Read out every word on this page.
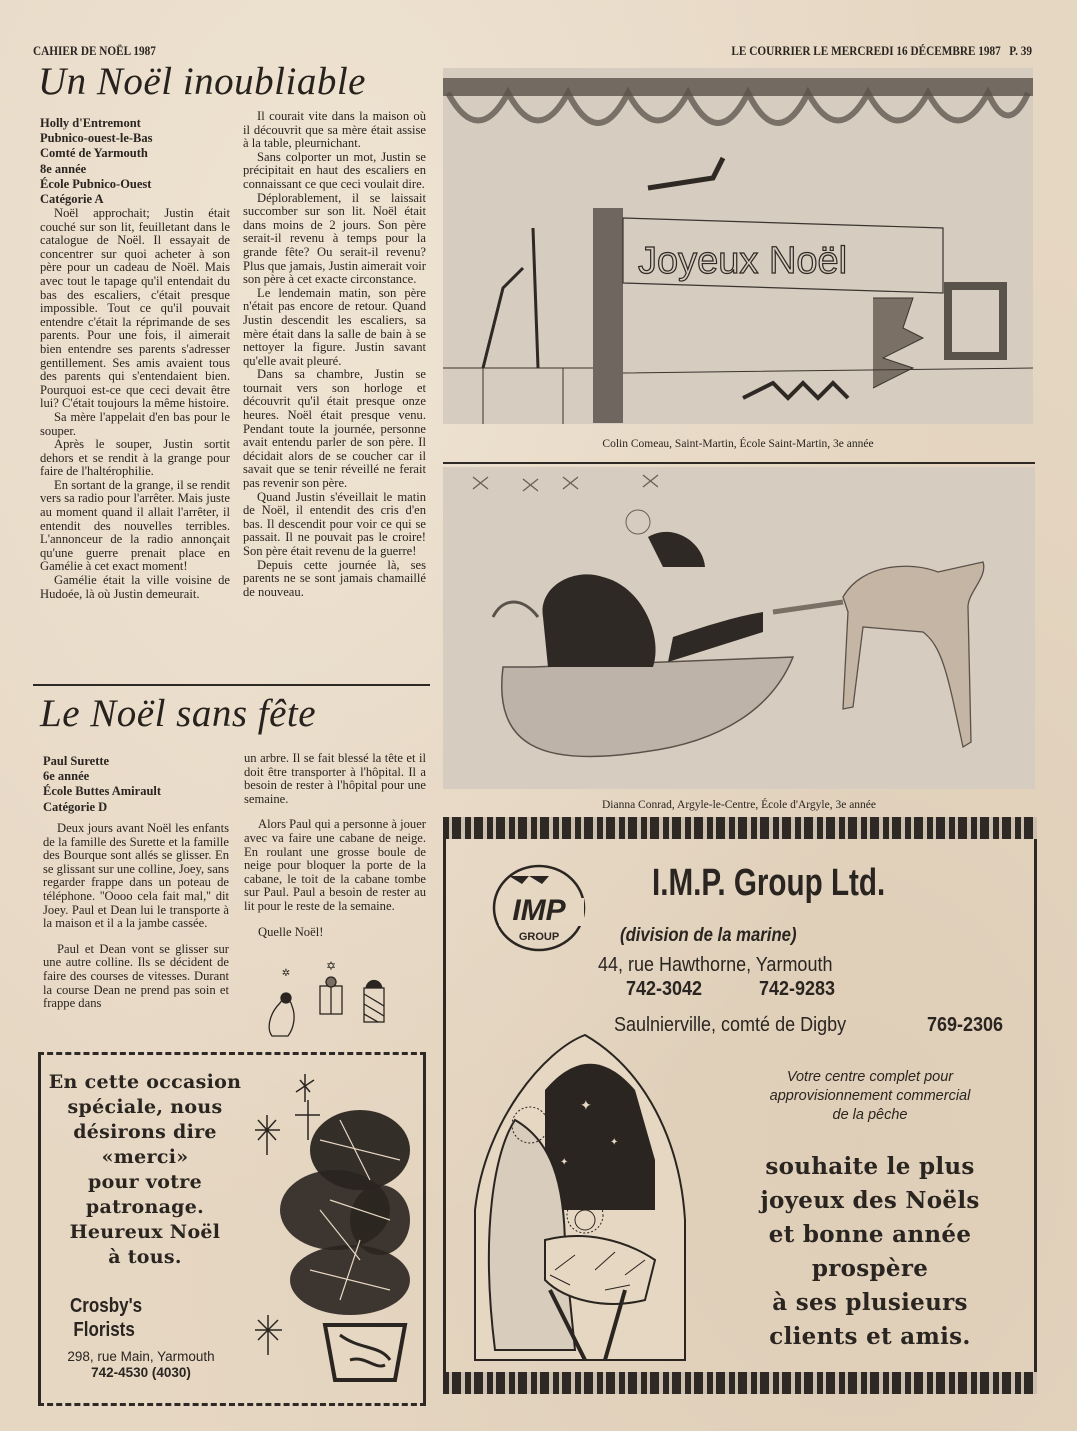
CAHIER DE NOËL 1987	LE COURRIER LE MERCREDI 16 DÉCEMBRE 1987   P. 39
Un Noël inoubliable
Holly d'Entremont
Pubnico-ouest-le-Bas
Comté de Yarmouth
8e année
École Pubnico-Ouest
Catégorie A

Noël approchait; Justin était couché sur son lit, feuilletant dans le catalogue de Noël. Il essayait de concentrer sur quoi acheter à son père pour un cadeau de Noël. Mais avec tout le tapage qu'il entendait du bas des escaliers, c'était presque impossible. Tout ce qu'il pouvait entendre c'était la réprimande de ses parents. Pour une fois, il aimerait bien entendre ses parents s'adresser gentillement. Ses amis avaient tous des parents qui s'entendaient bien. Pourquoi est-ce que ceci devait être lui? C'était toujours la même histoire.

Sa mère l'appelait d'en bas pour le souper.

Après le souper, Justin sortit dehors et se rendit à la grange pour faire de l'haltérophilie.

En sortant de la grange, il se rendit vers sa radio pour l'arrêter. Mais juste au moment quand il allait l'arrêter, il entendit des nouvelles terribles. L'annonceur de la radio annonçait qu'une guerre prenait place en Gamélie à cet exact moment!

Gamélie était la ville voisine de Hudoée, là où Justin demeurait.

Il courait vite dans la maison où il découvrit que sa mère était assise à la table, pleurnichant.

Sans colporter un mot, Justin se précipitait en haut des escaliers en connaissant ce que ceci voulait dire.

Déplorablement, il se laissait succomber sur son lit. Noël était dans moins de 2 jours. Son père serait-il revenu à temps pour la grande fête? Ou serait-il revenu? Plus que jamais, Justin aimerait voir son père à cet exacte circonstance.

Le lendemain matin, son père n'était pas encore de retour. Quand Justin descendit les escaliers, sa mère était dans la salle de bain à se nettoyer la figure. Justin savant qu'elle avait pleuré.

Dans sa chambre, Justin se tournait vers son horloge et découvrit qu'il était presque onze heures. Noël était presque venu. Pendant toute la journée, personne avait entendu parler de son père. Il décidait alors de se coucher car il savait que se tenir réveillé ne ferait pas revenir son père.

Quand Justin s'éveillait le matin de Noël, il entendit des cris d'en bas. Il descendit pour voir ce qui se passait. Il ne pouvait pas le croire! Son père était revenu de la guerre!

Depuis cette journée là, ses parents ne se sont jamais chamaillé de nouveau.

Le Noël sans fête
Paul Surette
6e année
École Buttes Amirault
Catégorie D

Deux jours avant Noël les enfants de la famille des Surette et la famille des Bourque sont allés se glisser. En se glissant sur une colline, Joey, sans regarder frappe dans un poteau de téléphone. ''Oooo cela fait mal,'' dit Joey. Paul et Dean lui le transporte à la maison et il a la jambe cassée.

Paul et Dean vont se glisser sur une autre colline. Ils se décident de faire des courses de vitesses. Durant la course Dean ne prend pas soin et frappe dans

un arbre. Il se fait blessé la tête et il doit être transporter à l'hôpital. Il a besoin de rester à l'hôpital pour une semaine.

Alors Paul qui a personne à jouer avec va faire une cabane de neige. En roulant une grosse boule de neige pour bloquer la porte de la cabane, le toit de la cabane tombe sur Paul. Paul a besoin de rester au lit pour le reste de la semaine.

Quelle Noël!

✲
✡
En cette occasion
spéciale, nous
désirons dire
«merci»
pour votre
patronage.
Heureux Noël
à tous.
Crosby's
Florists
298, rue Main, Yarmouth
742-4530 (4030)
Joyeux Noël
Colin Comeau, Saint-Martin, École Saint-Martin, 3e année
Dianna Conrad, Argyle-le-Centre, École d'Argyle, 3e année
IMP
GROUP
I.M.P. Group Ltd.
(division de la marine)
44, rue Hawthorne, Yarmouth
742-3042	742-9283
Saulnierville, comté de Digby	769-2306
Votre centre complet pour
approvisionnement commercial
de la pêche
souhaite le plus
joyeux des Noëls
et bonne année
prospère
à ses plusieurs
clients et amis.
✦
✦
✦
